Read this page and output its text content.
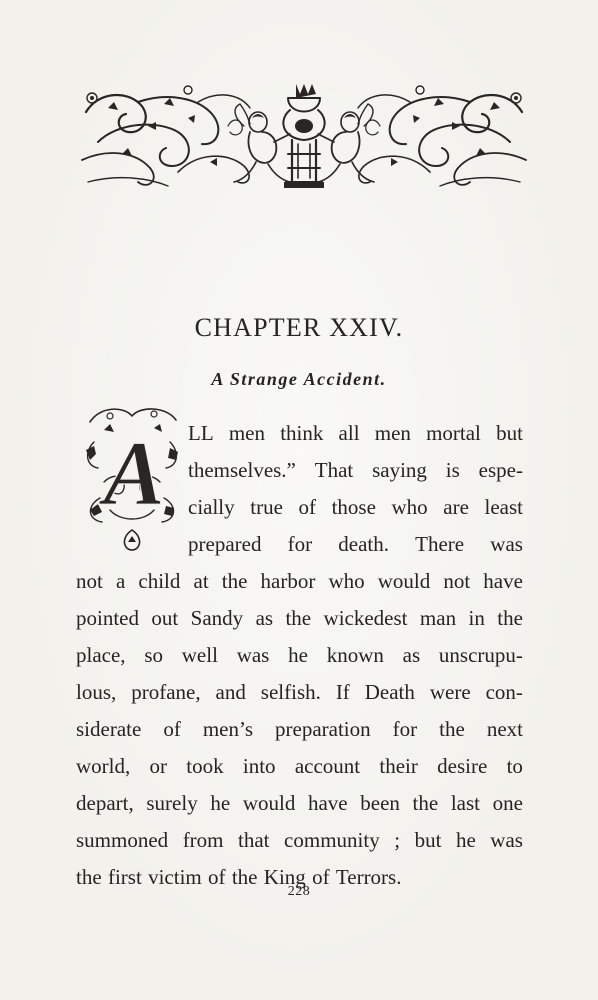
CHAPTER XXIV.
A Strange Accident.
A LL men think all men mortal but
themselves.” That saying is espe-
cially true of those who are least
prepared for death. There was
not a child at the harbor who would not have
pointed out Sandy as the wickedest man in the
place, so well was he known as unscrupu-
lous, profane, and selfish. If Death were con-
siderate of men’s preparation for the next
world, or took into account their desire to
depart, surely he would have been the last one
summoned from that community ; but he was
the first victim of the King of Terrors.
228
